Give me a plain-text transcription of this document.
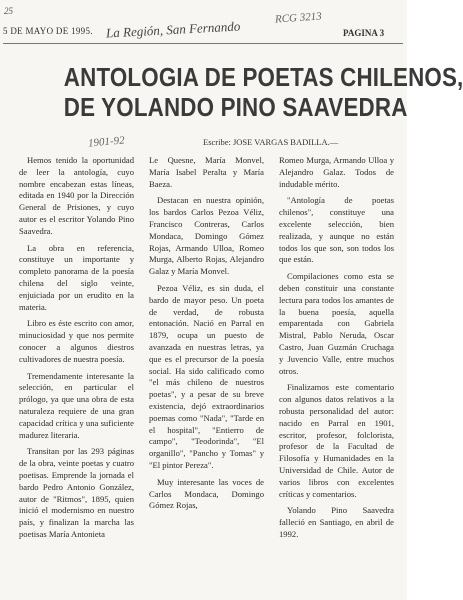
25
5 DE MAYO DE 1995. La Región, San Fernando
RCG 3213
PAGINA 3
ANTOLOGIA DE POETAS CHILENOS,
DE YOLANDO PINO SAAVEDRA
1901-92	Escribe: JOSE VARGAS BADILLA.—

Hemos tenido la oportunidad de leer la antología, cuyo nombre encabezan estas líneas, editada en 1940 por la Dirección General de Prisiones, y cuyo autor es el escritor Yolando Pino Saavedra.

La obra en referencia, constituye un importante y completo panorama de la poesía chilena del siglo veinte, enjuiciada por un erudito en la materia.

Libro es éste escrito con amor, minuciosidad y que nos permite conocer a algunos diestros cultivadores de nuestra poesía.

Tremendamente interesante la selección, en particular el prólogo, ya que una obra de esta naturaleza requiere de una gran capacidad crítica y una suficiente madurez literaria.

Transitan por las 293 páginas de la obra, veinte poetas y cuatro poetisas. Emprende la jornada el bardo Pedro Antonio González, autor de "Ritmos", 1895, quien inició el modernismo en nuestro país, y finalizan la marcha las poetisas María Antonieta

Le Quesne, María Monvel, María Isabel Peralta y María Baeza.

Destacan en nuestra opinión, los bardos Carlos Pezoa Véliz, Francisco Contreras, Carlos Mondaca, Domingo Gómez Rojas, Armando Ulloa, Romeo Murga, Alberto Rojas, Alejandro Galaz y María Monvel.

Pezoa Véliz, es sin duda, el bardo de mayor peso. Un poeta de verdad, de robusta entonación. Nació en Parral en 1879, ocupa un puesto de avanzada en nuestras letras, ya que es el precursor de la poesía social. Ha sido calificado como "el más chileno de nuestros poetas", y a pesar de su breve existencia, dejó extraordinarios poemas como "Nada", "Tarde en el hospital", "Entierro de campo", "Teodorinda", "El organillo", "Pancho y Tomas" y "El pintor Pereza".

Muy interesante las voces de Carlos Mondaca, Domingo Gómez Rojas,

Romeo Murga, Armando Ulloa y Alejandro Galaz. Todos de indudable mérito.

"Antología de poetas chilenos", constituye una excelente selección, bien realizada, y aunque no están todos los que son, son todos los que están.

Compilaciones como esta se deben constituir una constante lectura para todos los amantes de la buena poesía, aquella emparentada con Gabriela Mistral, Pablo Neruda, Oscar Castro, Juan Guzmán Cruchaga y Juvencio Valle, entre muchos otros.

Finalizamos este comentario con algunos datos relativos a la robusta personalidad del autor: nacido en Parral en 1901, escritor, profesor, folclorista, profesor de la Facultad de Filosofía y Humanidades en la Universidad de Chile. Autor de varios libros con excelentes críticas y comentarios.

Yolando Pino Saavedra falleció en Santiago, en abril de 1992.
